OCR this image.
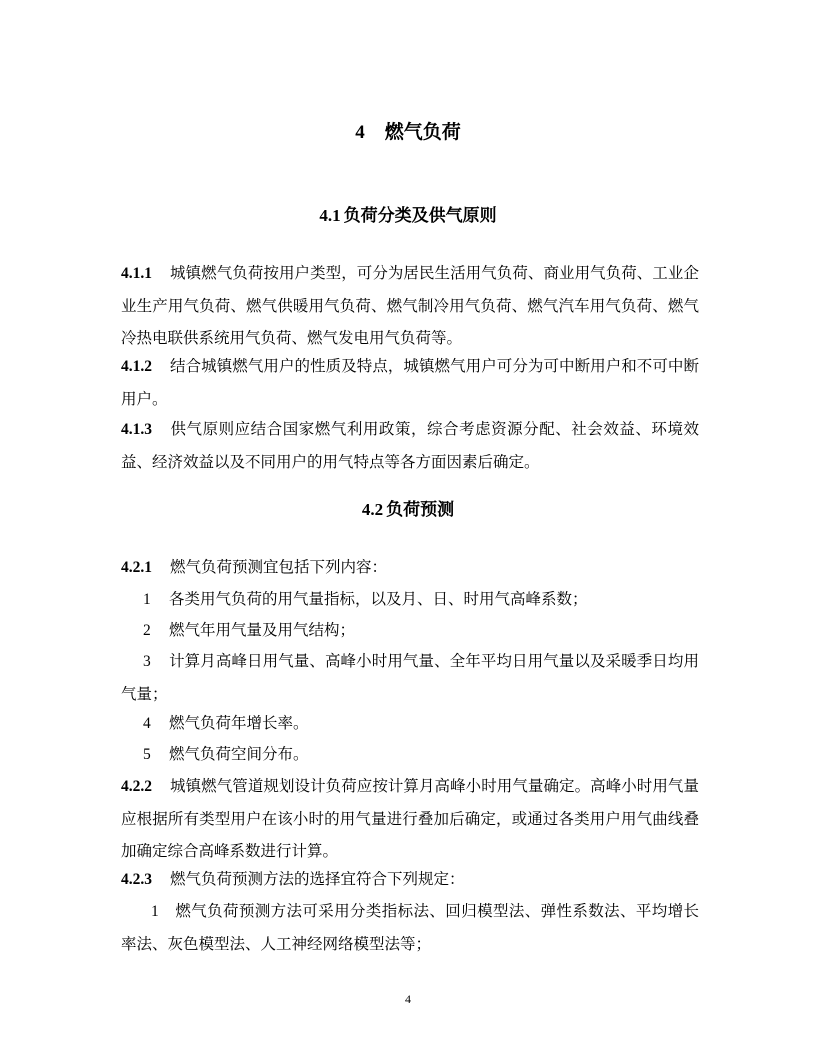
4 燃气负荷
4.1 负荷分类及供气原则
4.1.1 城镇燃气负荷按用户类型，可分为居民生活用气负荷、商业用气负荷、工业企业生产用气负荷、燃气供暖用气负荷、燃气制冷用气负荷、燃气汽车用气负荷、燃气冷热电联供系统用气负荷、燃气发电用气负荷等。
4.1.2 结合城镇燃气用户的性质及特点，城镇燃气用户可分为可中断用户和不可中断用户。
4.1.3 供气原则应结合国家燃气利用政策，综合考虑资源分配、社会效益、环境效益、经济效益以及不同用户的用气特点等各方面因素后确定。
4.2 负荷预测
4.2.1 燃气负荷预测宜包括下列内容：
1 各类用气负荷的用气量指标，以及月、日、时用气高峰系数；
2 燃气年用气量及用气结构；
3 计算月高峰日用气量、高峰小时用气量、全年平均日用气量以及采暖季日均用气量；
4 燃气负荷年增长率。
5 燃气负荷空间分布。
4.2.2 城镇燃气管道规划设计负荷应按计算月高峰小时用气量确定。高峰小时用气量应根据所有类型用户在该小时的用气量进行叠加后确定，或通过各类用户用气曲线叠加确定综合高峰系数进行计算。
4.2.3 燃气负荷预测方法的选择宜符合下列规定：
1 燃气负荷预测方法可采用分类指标法、回归模型法、弹性系数法、平均增长率法、灰色模型法、人工神经网络模型法等；
4
